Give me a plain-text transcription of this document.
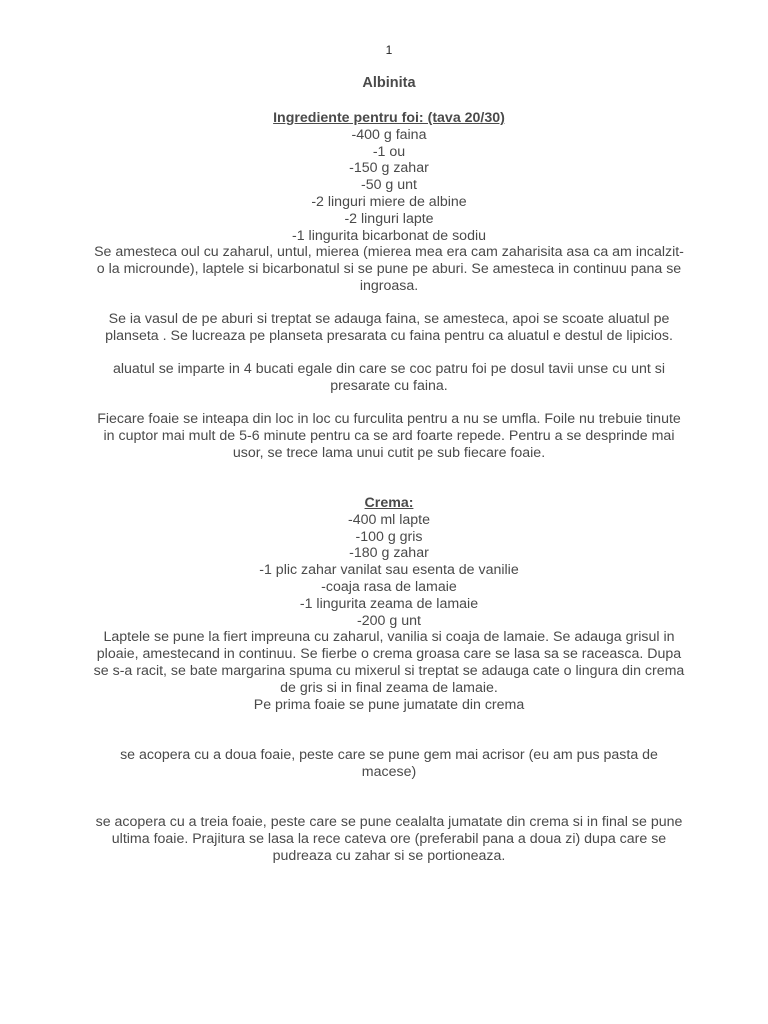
1
Albinita
Ingrediente pentru foi: (tava 20/30)
-400 g faina
-1 ou
-150 g zahar
-50 g unt
-2 linguri miere de albine
-2 linguri lapte
-1 lingurita bicarbonat de sodiu
Se amesteca oul cu zaharul, untul, mierea (mierea mea era cam zaharisita asa ca am incalzit-
o la microunde), laptele si bicarbonatul si se pune pe aburi. Se amesteca in continuu pana se
ingroasa.
Se ia vasul de pe aburi si treptat se adauga faina, se amesteca, apoi se scoate aluatul pe
planseta . Se lucreaza pe planseta presarata cu faina pentru ca aluatul e destul de lipicios.
aluatul se imparte in 4 bucati egale din care se coc patru foi pe dosul tavii unse cu unt si
presarate cu faina.
Fiecare foaie se inteapa din loc in loc cu furculita pentru a nu se umfla. Foile nu trebuie tinute
in cuptor mai mult de 5-6 minute pentru ca se ard foarte repede. Pentru a se desprinde mai
usor, se trece lama unui cutit pe sub fiecare foaie.
Crema:
-400 ml lapte
-100 g gris
-180 g zahar
-1 plic zahar vanilat sau esenta de vanilie
-coaja rasa de lamaie
-1 lingurita zeama de lamaie
-200 g unt
Laptele se pune la fiert impreuna cu zaharul, vanilia si coaja de lamaie. Se adauga grisul in
ploaie, amestecand in continuu. Se fierbe o crema groasa care se lasa sa se raceasca. Dupa
se s-a racit, se bate margarina spuma cu mixerul si treptat se adauga cate o lingura din crema
de gris si in final zeama de lamaie.
Pe prima foaie se pune jumatate din crema
se acopera cu a doua foaie, peste care se pune gem mai acrisor (eu am pus pasta de
macese)
se acopera cu a treia foaie, peste care se pune cealalta jumatate din crema si in final se pune
ultima foaie. Prajitura se lasa la rece cateva ore (preferabil pana a doua zi) dupa care se
pudreaza cu zahar si se portioneaza.
